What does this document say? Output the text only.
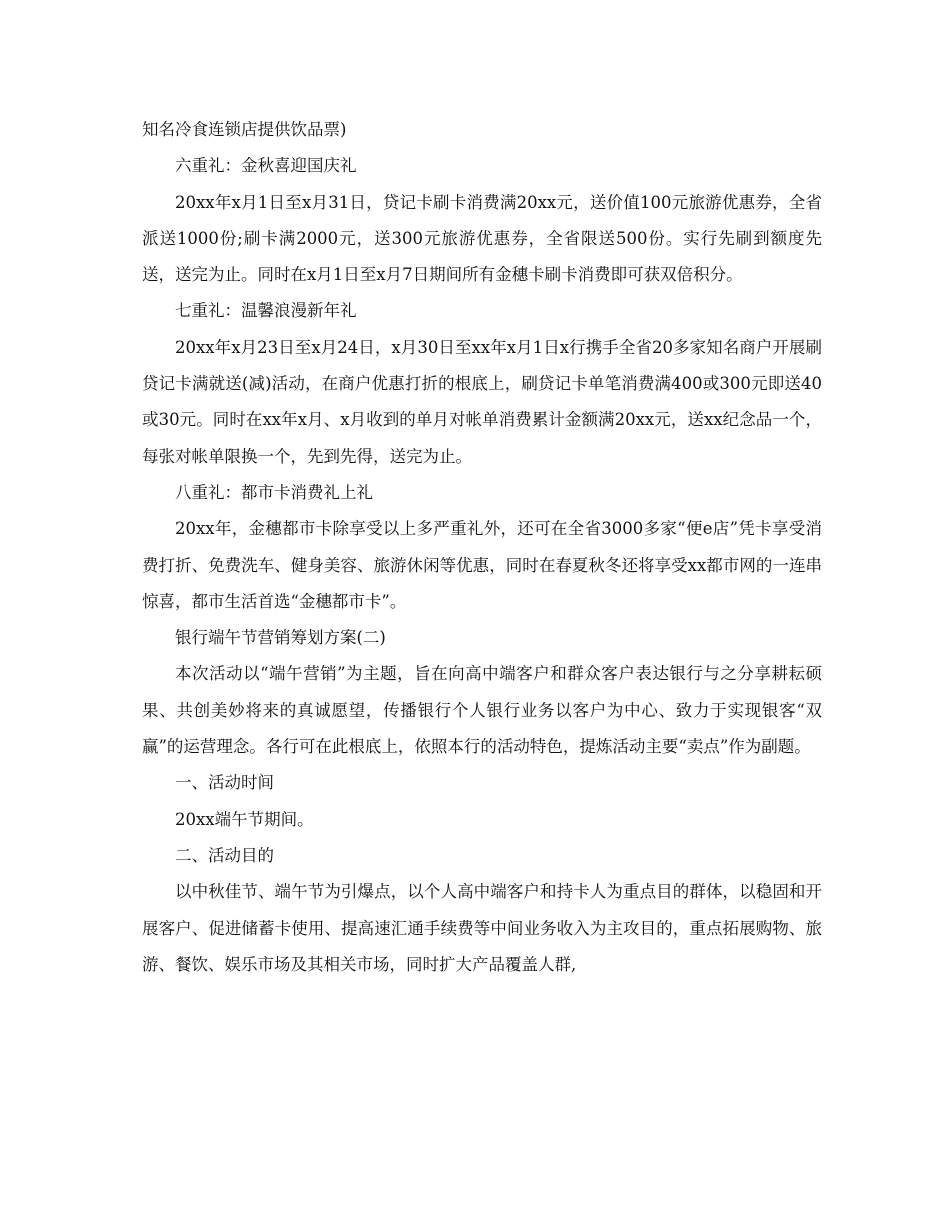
知名冷食连锁店提供饮品票)

六重礼：金秋喜迎国庆礼

20xx年x月1日至x月31日，贷记卡刷卡消费满20xx元，送价值100元旅游优惠券，全省派送1000份;刷卡满2000元，送300元旅游优惠券，全省限送500份。实行先刷到额度先送，送完为止。同时在x月1日至x月7日期间所有金穗卡刷卡消费即可获双倍积分。

七重礼：温馨浪漫新年礼

20xx年x月23日至x月24日，x月30日至xx年x月1日x行携手全省20多家知名商户开展刷贷记卡满就送(减)活动，在商户优惠打折的根底上，刷贷记卡单笔消费满400或300元即送40或30元。同时在xx年x月、x月收到的单月对帐单消费累计金额满20xx元，送xx纪念品一个，每张对帐单限换一个，先到先得，送完为止。

八重礼：都市卡消费礼上礼

20xx年，金穗都市卡除享受以上多严重礼外，还可在全省3000多家“便e店”凭卡享受消费打折、免费洗车、健身美容、旅游休闲等优惠，同时在春夏秋冬还将享受xx都市网的一连串惊喜，都市生活首选“金穗都市卡”。

银行端午节营销筹划方案(二)

本次活动以“端午营销”为主题，旨在向高中端客户和群众客户表达银行与之分享耕耘硕果、共创美妙将来的真诚愿望，传播银行个人银行业务以客户为中心、致力于实现银客“双赢”的运营理念。各行可在此根底上，依照本行的活动特色，提炼活动主要“卖点”作为副题。

一、活动时间

20xx端午节期间。

二、活动目的

以中秋佳节、端午节为引爆点，以个人高中端客户和持卡人为重点目的群体，以稳固和开展客户、促进储蓄卡使用、提高速汇通手续费等中间业务收入为主攻目的，重点拓展购物、旅游、餐饮、娱乐市场及其相关市场，同时扩大产品覆盖人群,
